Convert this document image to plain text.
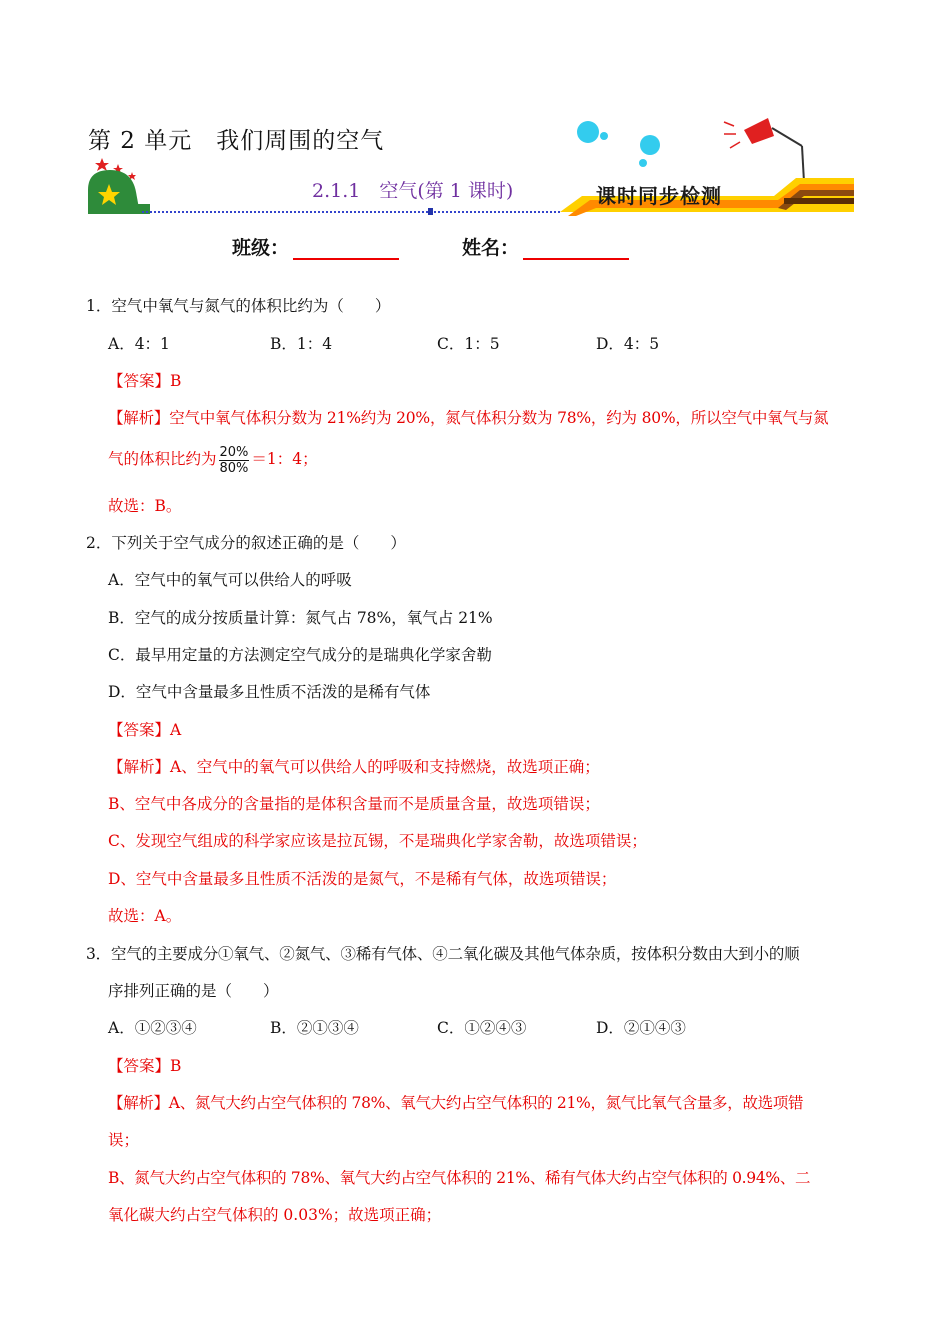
第 2 单元　我们周围的空气
2.1.1　空气(第 1 课时)	课时同步检测
班级：	姓名：
1．空气中氧气与氮气的体积比约为（　　）
A．4：1	B．1：4	C．1：5	D．4：5
【答案】B
【解析】空气中氧气体积分数为 21%约为 20%，氮气体积分数为 78%，约为 80%，所以空气中氧气与氮
气的体积比约为 $\frac{20\%}{80\%} =1$：4；
故选：B。
2．下列关于空气成分的叙述正确的是（　　）
A．空气中的氧气可以供给人的呼吸
B．空气的成分按质量计算：氮气占 78%，氧气占 21%
C．最早用定量的方法测定空气成分的是瑞典化学家舍勒
D．空气中含量最多且性质不活泼的是稀有气体
【答案】A
【解析】A、空气中的氧气可以供给人的呼吸和支持燃烧，故选项正确；
B、空气中各成分的含量指的是体积含量而不是质量含量，故选项错误；
C、发现空气组成的科学家应该是拉瓦锡，不是瑞典化学家舍勒，故选项错误；
D、空气中含量最多且性质不活泼的是氮气，不是稀有气体，故选项错误；
故选：A。
3．空气的主要成分①氧气、②氮气、③稀有气体、④二氧化碳及其他气体杂质，按体积分数由大到小的顺
序排列正确的是（　　）
A．①②③④	B．②①③④	C．①②④③	D．②①④③
【答案】B
【解析】A、氮气大约占空气体积的 78%、氧气大约占空气体积的 21%，氮气比氧气含量多，故选项错
误；
B、氮气大约占空气体积的 78%、氧气大约占空气体积的 21%、稀有气体大约占空气体积的 0.94%、二
氧化碳大约占空气体积的 0.03%；故选项正确；
